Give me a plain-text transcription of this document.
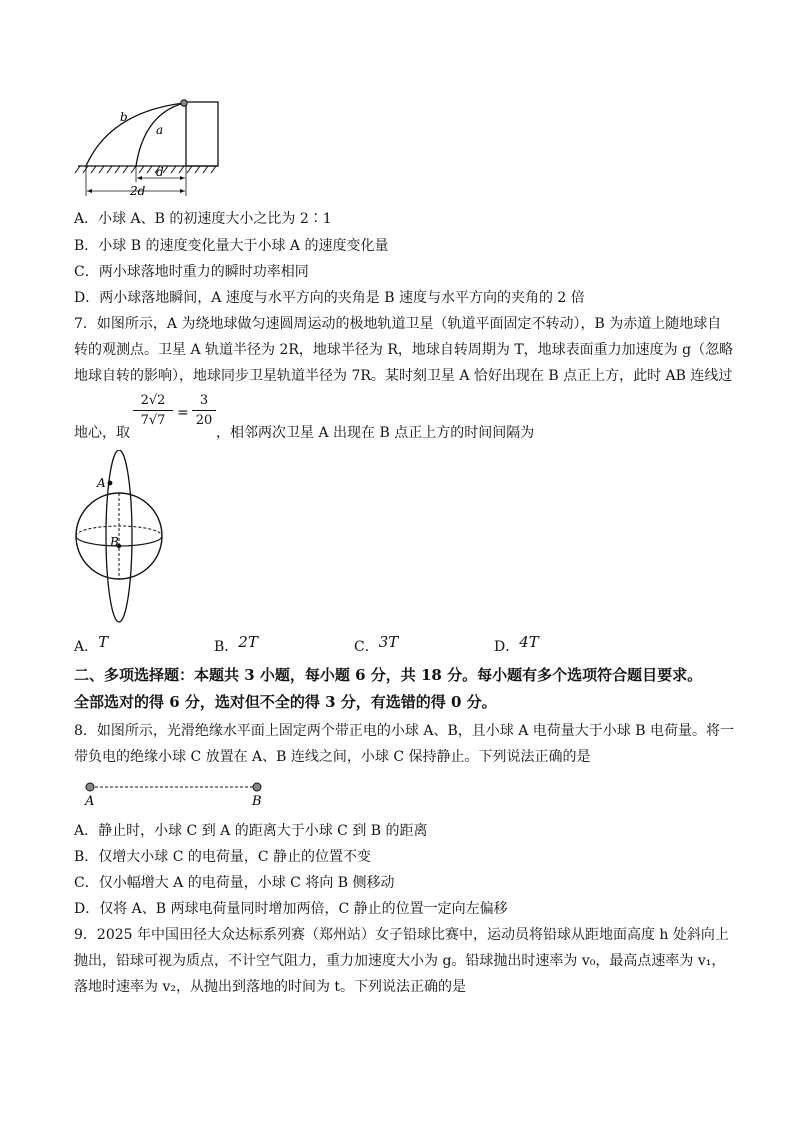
b
a
d
2d
A．小球 A、B 的初速度大小之比为 2∶1
B．小球 B 的速度变化量大于小球 A 的速度变化量
C．两小球落地时重力的瞬时功率相同
D．两小球落地瞬间，A 速度与水平方向的夹角是 B 速度与水平方向的夹角的 2 倍
7．如图所示，A 为绕地球做匀速圆周运动的极地轨道卫星（轨道平面固定不转动），B 为赤道上随地球自
转的观测点。卫星 A 轨道半径为 2R，地球半径为 R，地球自转周期为 T，地球表面重力加速度为 g（忽略
地球自转的影响），地球同步卫星轨道半径为 7R。某时刻卫星 A 恰好出现在 B 点正上方，此时 AB 连线过
地心，取
2√2
7√7 =
3
20
，相邻两次卫星 A 出现在 B 点正上方的时间间隔为
A
B
A．T	B．2T	C．3T	D．4T
二、多项选择题：本题共 3 小题，每小题 6 分，共 18 分。每小题有多个选项符合题目要求。
全部选对的得 6 分，选对但不全的得 3 分，有选错的得 0 分。
8．如图所示，光滑绝缘水平面上固定两个带正电的小球 A、B，且小球 A 电荷量大于小球 B 电荷量。将一
带负电的绝缘小球 C 放置在 A、B 连线之间，小球 C 保持静止。下列说法正确的是
A	B
A．静止时，小球 C 到 A 的距离大于小球 C 到 B 的距离
B．仅增大小球 C 的电荷量，C 静止的位置不变
C．仅小幅增大 A 的电荷量，小球 C 将向 B 侧移动
D．仅将 A、B 两球电荷量同时增加两倍，C 静止的位置一定向左偏移
9．2025 年中国田径大众达标系列赛（郑州站）女子铅球比赛中，运动员将铅球从距地面高度 h 处斜向上
抛出，铅球可视为质点，不计空气阻力，重力加速度大小为 g。铅球抛出时速率为 v₀，最高点速率为 v₁，
落地时速率为 v₂，从抛出到落地的时间为 t。下列说法正确的是
